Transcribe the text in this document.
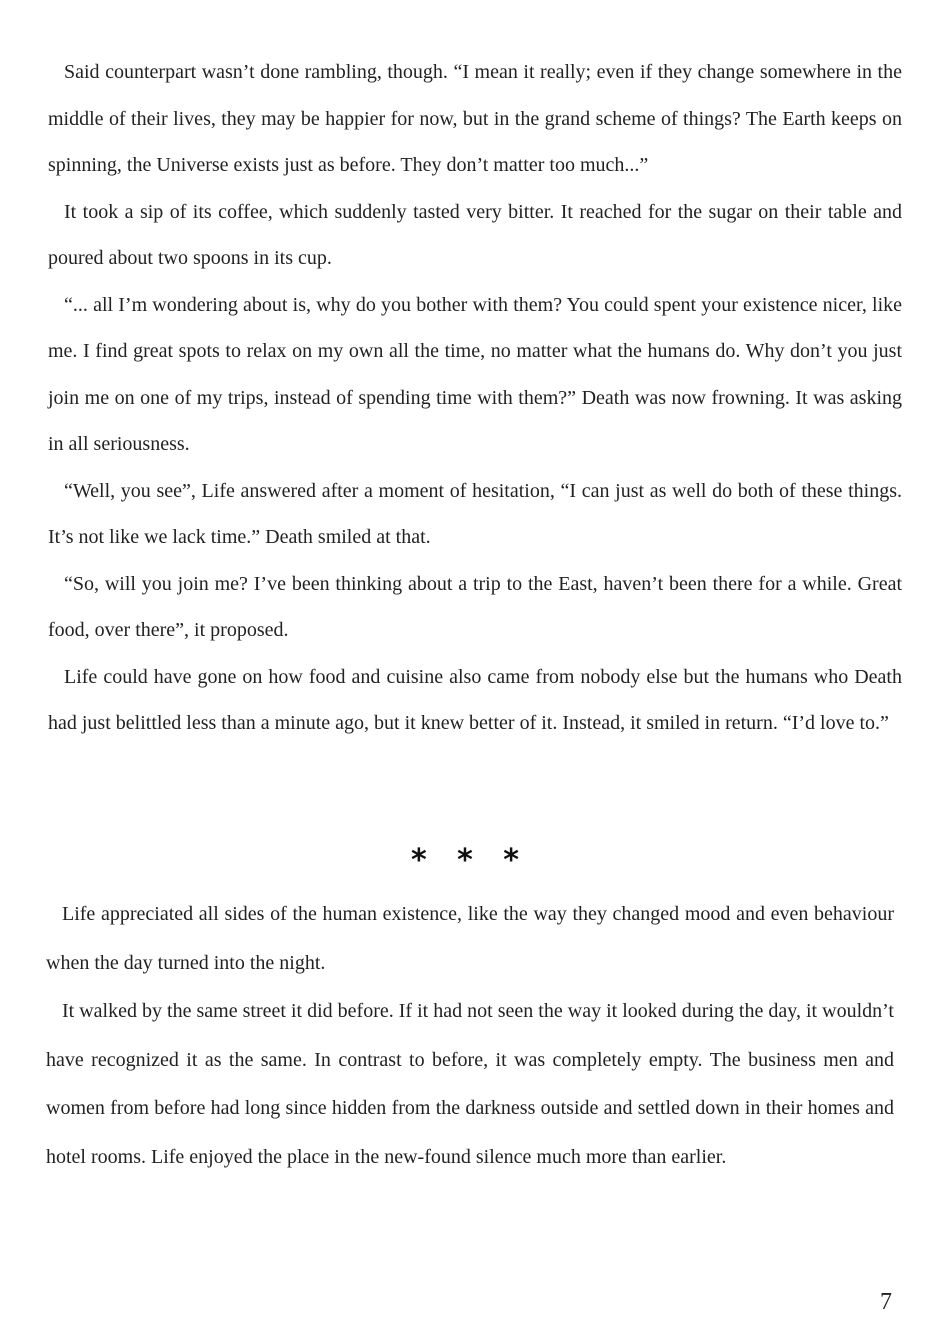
Said counterpart wasn’t done rambling, though. “I mean it really; even if they change somewhere in the middle of their lives, they may be happier for now, but in the grand scheme of things? The Earth keeps on spinning, the Universe exists just as before. They don’t matter too much...”

It took a sip of its coffee, which suddenly tasted very bitter. It reached for the sugar on their table and poured about two spoons in its cup.

“... all I’m wondering about is, why do you bother with them? You could spent your existence nicer, like me. I find great spots to relax on my own all the time, no matter what the humans do. Why don’t you just join me on one of my trips, instead of spending time with them?” Death was now frowning. It was asking in all seriousness.

“Well, you see”, Life answered after a moment of hesitation, “I can just as well do both of these things. It’s not like we lack time.” Death smiled at that.

“So, will you join me? I’ve been thinking about a trip to the East, haven’t been there for a while. Great food, over there”, it proposed.

Life could have gone on how food and cuisine also came from nobody else but the humans who Death had just belittled less than a minute ago, but it knew better of it. Instead, it smiled in return. “I’d love to.”

* * *

Life appreciated all sides of the human existence, like the way they changed mood and even behaviour when the day turned into the night.

It walked by the same street it did before. If it had not seen the way it looked during the day, it wouldn’t have recognized it as the same. In contrast to before, it was completely empty. The business men and women from before had long since hidden from the darkness outside and settled down in their homes and hotel rooms. Life enjoyed the place in the new-found silence much more than earlier.

7
